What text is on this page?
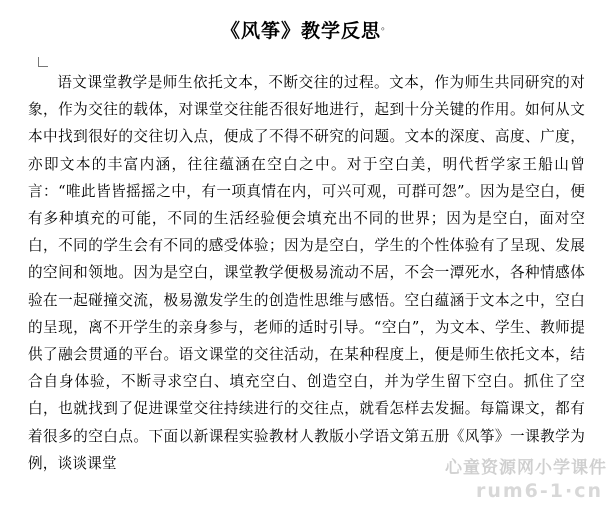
《风筝》教学反思。

语文课堂教学是师生依托文本，不断交往的过程。文本，作为师生共同研究的对象，作为交往的载体，对课堂交往能否很好地进行，起到十分关键的作用。如何从文本中找到很好的交往切入点，便成了不得不研究的问题。文本的深度、高度、广度，亦即文本的丰富内涵，往往蕴涵在空白之中。对于空白美，明代哲学家王船山曾言：“唯此皆皆摇摇之中，有一项真情在内，可兴可观，可群可怨”。因为是空白，便有多种填充的可能，不同的生活经验便会填充出不同的世界；因为是空白，面对空白，不同的学生会有不同的感受体验；因为是空白，学生的个性体验有了呈现、发展的空间和领地。因为是空白，课堂教学便极易流动不居，不会一潭死水，各种情感体验在一起碰撞交流，极易激发学生的创造性思维与感悟。空白蕴涵于文本之中，空白的呈现，离不开学生的亲身参与，老师的适时引导。“空白”，为文本、学生、教师提供了融会贯通的平台。语文课堂的交往活动，在某种程度上，便是师生依托文本，结合自身体验，不断寻求空白、填充空白、创造空白，并为学生留下空白。抓住了空白，也就找到了促进课堂交往持续进行的交往点，就看怎样去发掘。每篇课文，都有着很多的空白点。下面以新课程实验教材人教版小学语文第五册《风筝》一课教学为例，谈谈课堂	心童资源网小学课件
rum6-1·cn
